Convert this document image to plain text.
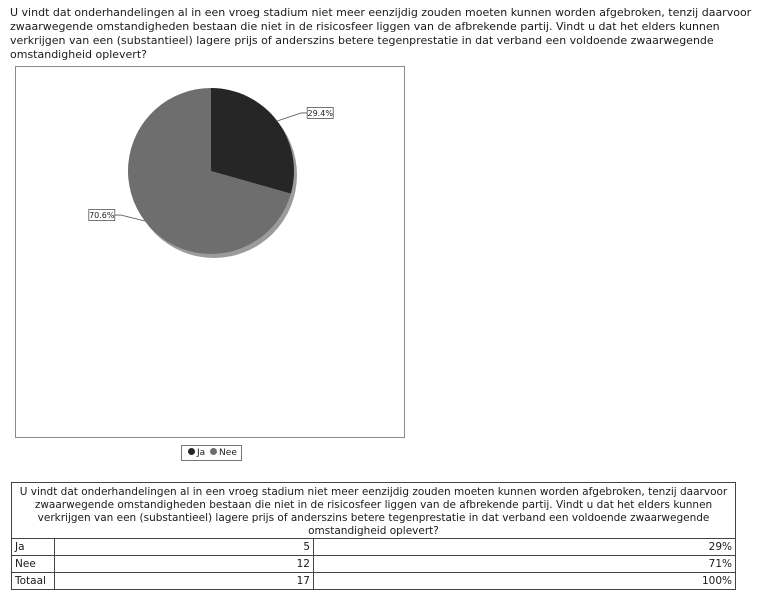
U vindt dat onderhandelingen al in een vroeg stadium niet meer eenzijdig zouden moeten kunnen worden afgebroken, tenzij daarvoor zwaarwegende omstandigheden bestaan die niet in de risicosfeer liggen van de afbrekende partij. Vindt u dat het elders kunnen verkrijgen van een (substantieel) lagere prijs of anderszins betere tegenprestatie in dat verband een voldoende zwaarwegende omstandigheid oplevert?

29.4%
70.6%
Ja Nee
U vindt dat onderhandelingen al in een vroeg stadium niet meer eenzijdig zouden moeten kunnen worden afgebroken, tenzij daarvoor zwaarwegende omstandigheden bestaan die niet in de risicosfeer liggen van de afbrekende partij. Vindt u dat het elders kunnen verkrijgen van een (substantieel) lagere prijs of anderszins betere tegenprestatie in dat verband een voldoende zwaarwegende omstandigheid oplevert?		
Ja	5	29%
Nee	12	71%
Totaal	17	100%
